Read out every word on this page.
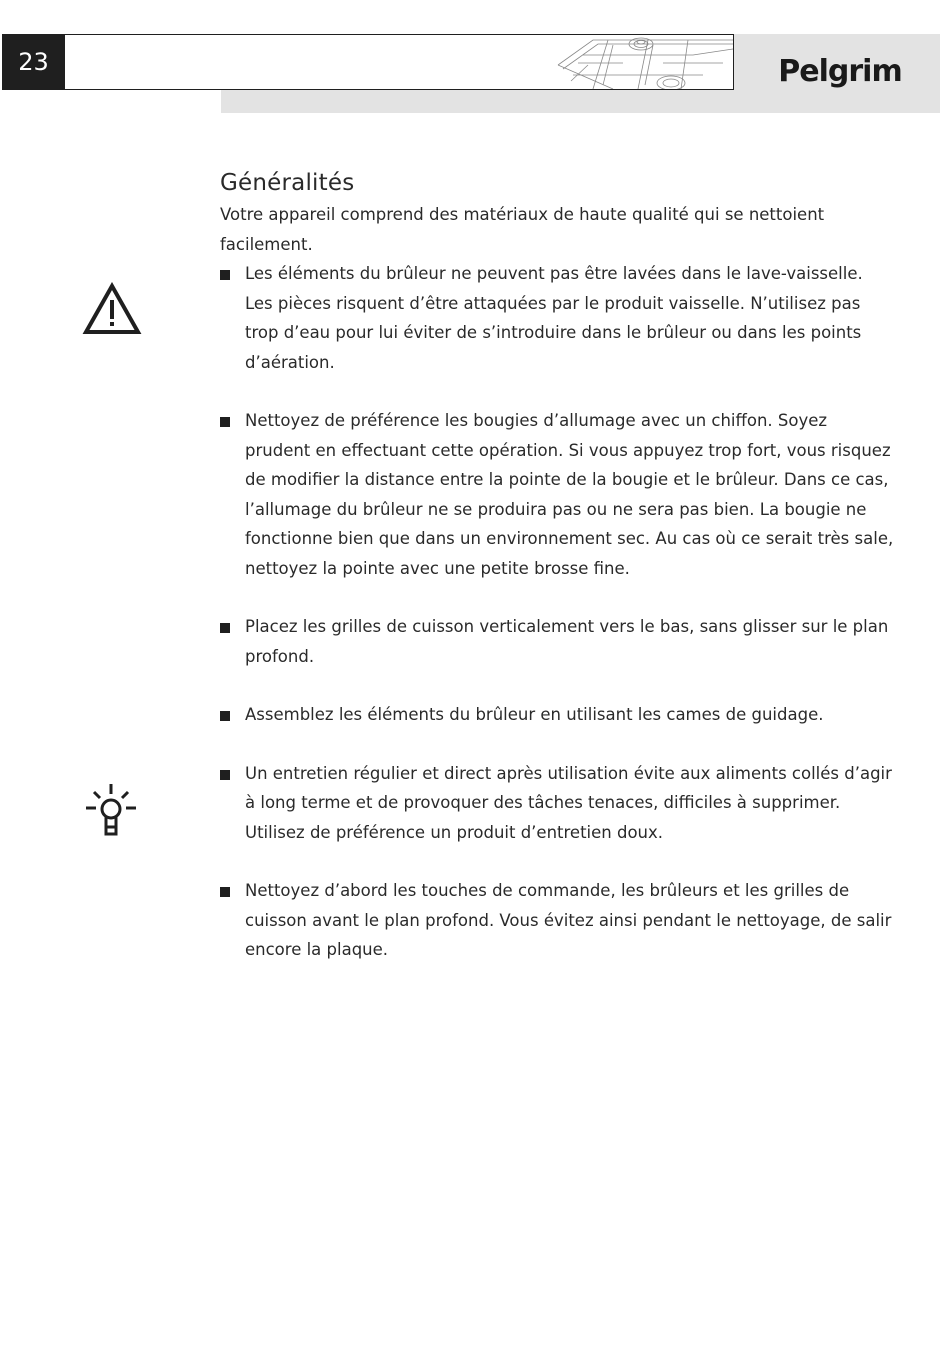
23	Pelgrim
Généralités

Votre appareil comprend des matériaux de haute qualité qui se nettoient facilement.

Les éléments du brûleur ne peuvent pas être lavées dans le lave-vaisselle. Les pièces risquent d’être attaquées par le produit vaisselle. N’utilisez pas trop d’eau pour lui éviter de s’introduire dans le brûleur ou dans les points d’aération.
Nettoyez de préférence les bougies d’allumage avec un chiffon. Soyez prudent en effectuant cette opération. Si vous appuyez trop fort, vous risquez de modifier la distance entre la pointe de la bougie et le brûleur. Dans ce cas, l’allumage du brûleur ne se produira pas ou ne sera pas bien. La bougie ne fonctionne bien que dans un environnement sec. Au cas où ce serait très sale, nettoyez la pointe avec une petite brosse fine.
Placez les grilles de cuisson verticalement vers le bas, sans glisser sur le plan profond.
Assemblez les éléments du brûleur en utilisant les cames de guidage.
Un entretien régulier et direct après utilisation évite aux aliments collés d’agir à long terme et de provoquer des tâches tenaces, difficiles à supprimer. Utilisez de préférence un produit d’entretien doux.
Nettoyez d’abord les touches de commande, les brûleurs et les grilles de cuisson avant le plan profond. Vous évitez ainsi pendant le nettoyage, de salir encore la plaque.
